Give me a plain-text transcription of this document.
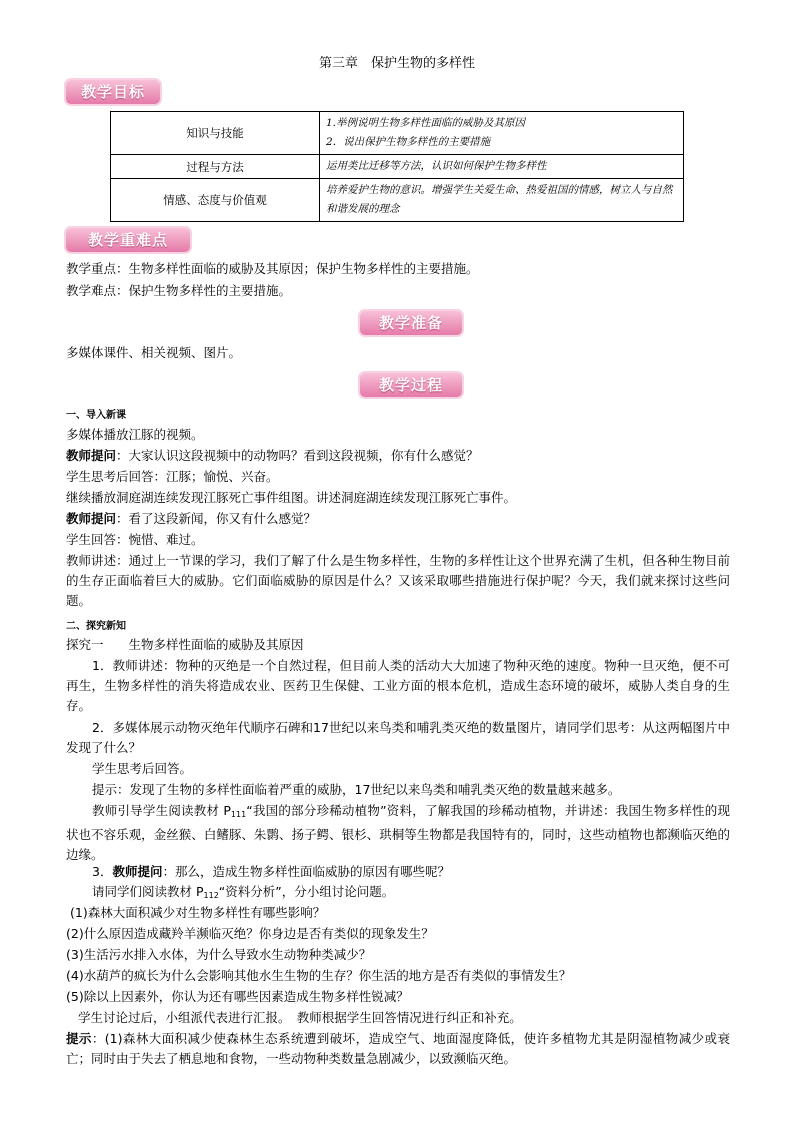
第三章　保护生物的多样性
教学目标
知识与技能	1.举例说明生物多样性面临的威胁及其原因
2．说出保护生物多样性的主要措施

过程与方法	运用类比迁移等方法，认识如何保护生物多样性
情感、态度与价值观	培养爱护生物的意识。增强学生关爱生命、热爱祖国的情感，树立人与自然和谐发展的理念
教学重难点
教学重点：生物多样性面临的威胁及其原因；保护生物多样性的主要措施。
教学难点：保护生物多样性的主要措施。
教学准备
多媒体课件、相关视频、图片。
教学过程
一、导入新课
多媒体播放江豚的视频。
教师提问：大家认识这段视频中的动物吗？看到这段视频，你有什么感觉？
学生思考后回答：江豚；愉悦、兴奋。
继续播放洞庭湖连续发现江豚死亡事件组图。讲述洞庭湖连续发现江豚死亡事件。
教师提问：看了这段新闻，你又有什么感觉？
学生回答：惋惜、难过。
教师讲述：通过上一节课的学习，我们了解了什么是生物多样性，生物的多样性让这个世界充满了生机，但各种生物目前的生存正面临着巨大的威胁。它们面临威胁的原因是什么？又该采取哪些措施进行保护呢？今天，我们就来探讨这些问题。
二、探究新知
探究一　　生物多样性面临的威胁及其原因
1．教师讲述：物种的灭绝是一个自然过程，但目前人类的活动大大加速了物种灭绝的速度。物种一旦灭绝，便不可再生，生物多样性的消失将造成农业、医药卫生保健、工业方面的根本危机，造成生态环境的破坏，威胁人类自身的生存。
2．多媒体展示动物灭绝年代顺序石碑和17世纪以来鸟类和哺乳类灭绝的数量图片，请同学们思考：从这两幅图片中发现了什么？
学生思考后回答。
提示：发现了生物的多样性面临着严重的威胁，17世纪以来鸟类和哺乳类灭绝的数量越来越多。
教师引导学生阅读教材 $P_{111}“$我国的部分珍稀动植物”资料，了解我国的珍稀动植物，并讲述：我国生物多样性的现状也不容乐观，金丝猴、白鳍豚、朱鹮、扬子鳄、银杉、珙桐等生物都是我国特有的，同时，这些动植物也都濒临灭绝的边缘。
3．教师提问：那么，造成生物多样性面临威胁的原因有哪些呢？
请同学们阅读教材 $P_{112}“$资料分析”，分小组讨论问题。
(1)森林大面积减少对生物多样性有哪些影响？
(2)什么原因造成藏羚羊濒临灭绝？你身边是否有类似的现象发生？
(3)生活污水排入水体，为什么导致水生动物种类减少？
(4)水葫芦的疯长为什么会影响其他水生生物的生存？你生活的地方是否有类似的事情发生？
(5)除以上因素外，你认为还有哪些因素造成生物多样性锐减？
学生讨论过后，小组派代表进行汇报。　教师根据学生回答情况进行纠正和补充。
提示：(1)森林大面积减少使森林生态系统遭到破坏，造成空气、地面湿度降低，使许多植物尤其是阴湿植物减少或衰亡；同时由于失去了栖息地和食物，一些动物种类数量急剧减少，以致濒临灭绝。
